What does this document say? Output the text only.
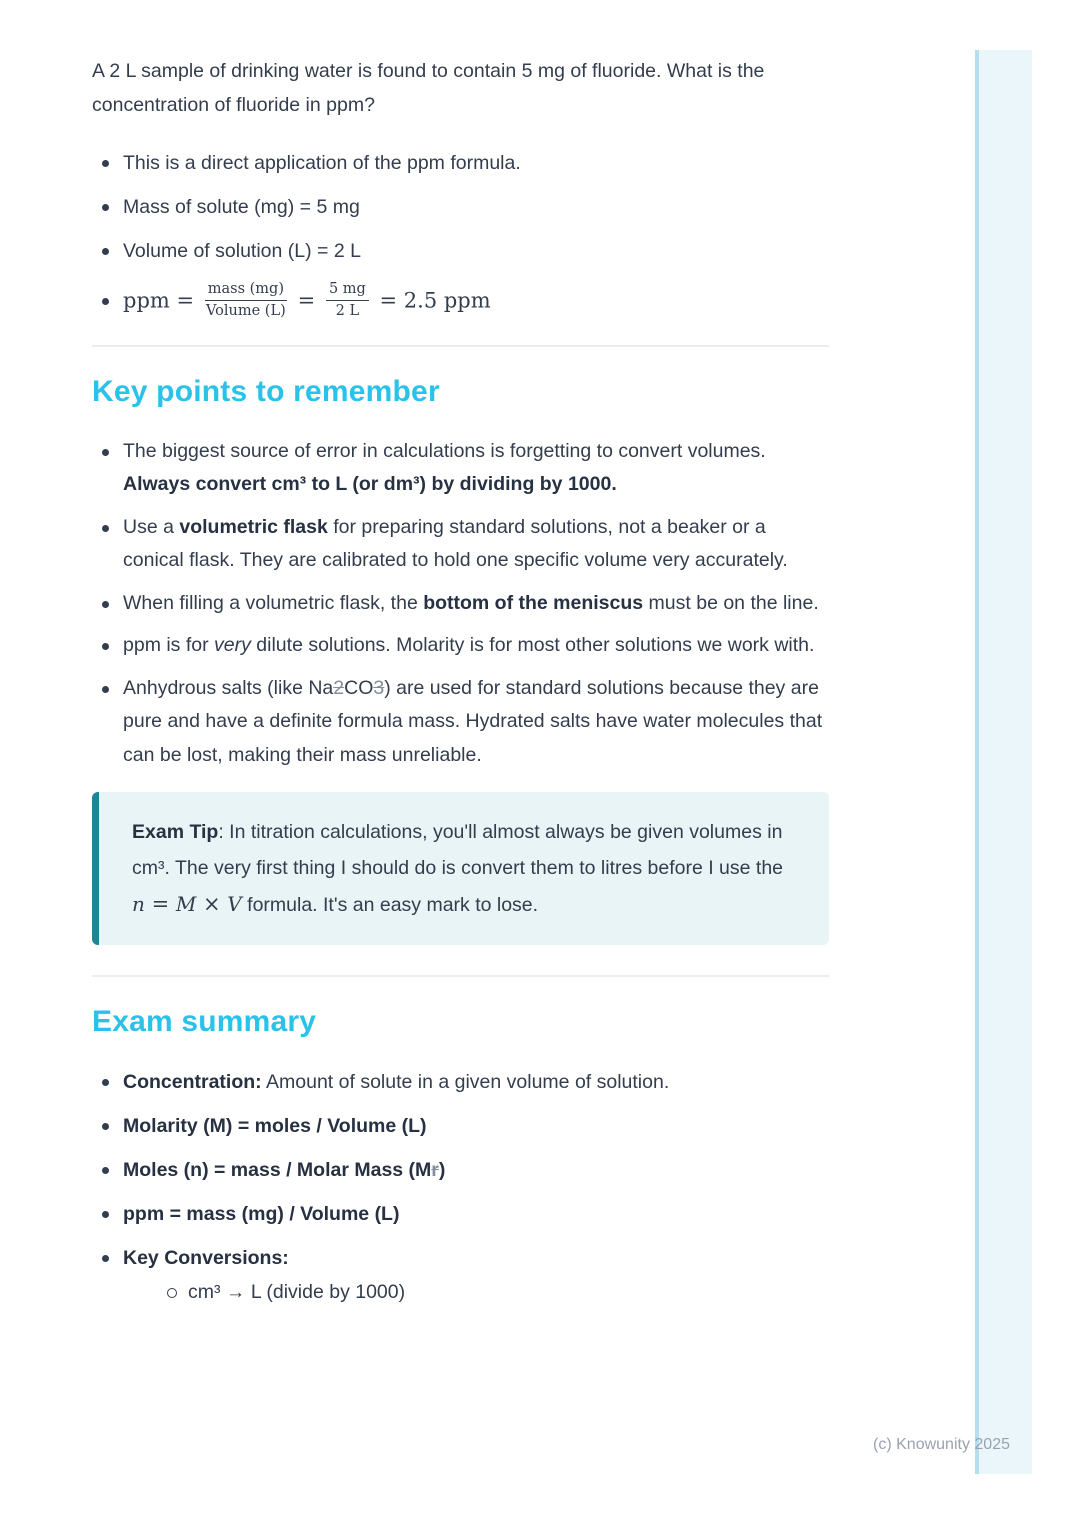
A 2 L sample of drinking water is found to contain 5 mg of fluoride. What is the concentration of fluoride in ppm?

This is a direct application of the ppm formula.
Mass of solute (mg) = 5 mg
Volume of solution (L) = 2 L
ppm = $\frac{\text{mass (mg)}}{\text{Volume (L)}} = \frac{5 mg}{2 L} = 2.5$ ppm
Key points to remember
The biggest source of error in calculations is forgetting to convert volumes. Always convert cm³ to L (or dm³) by dividing by 1000.
Use a volumetric flask for preparing standard solutions, not a beaker or a conical flask. They are calibrated to hold one specific volume very accurately.
When filling a volumetric flask, the bottom of the meniscus must be on the line.
ppm is for very dilute solutions. Molarity is for most other solutions we work with.
Anhydrous salts (like Na2CO3) are used for standard solutions because they are pure and have a definite formula mass. Hydrated salts have water molecules that can be lost, making their mass unreliable.
Exam Tip: In titration calculations, you'll almost always be given volumes in cm³. The very first thing I should do is convert them to litres before I use the n = M × V formula. It's an easy mark to lose.
Exam summary
Concentration: Amount of solute in a given volume of solution.
Molarity (M) = moles / Volume (L)
Moles (n) = mass / Molar Mass (Mr)
ppm = mass (mg) / Volume (L)
Key Conversions:
cm³ → L (divide by 1000)
(c) Knowunity 2025
